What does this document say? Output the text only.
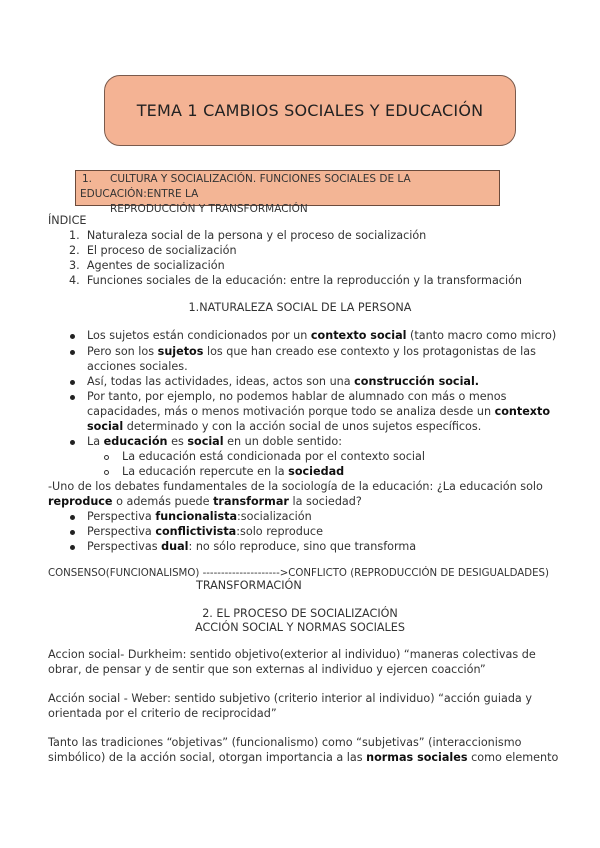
TEMA 1 CAMBIOS SOCIALES Y EDUCACIÓN
1. CULTURA Y SOCIALIZACIÓN. FUNCIONES SOCIALES DE LA EDUCACIÓN:ENTRE LA
REPRODUCCIÓN Y TRANSFORMACIÓN
ÍNDICE
1. Naturaleza social de la persona y el proceso de socialización
2. El proceso de socialización
3. Agentes de socialización
4. Funciones sociales de la educación: entre la reproducción y la transformación
1.NATURALEZA SOCIAL DE LA PERSONA
Los sujetos están condicionados por un contexto social (tanto macro como micro)
Pero son los sujetos los que han creado ese contexto y los protagonistas de las
acciones sociales.
Así, todas las actividades, ideas, actos son una construcción social.
Por tanto, por ejemplo, no podemos hablar de alumnado con más o menos
capacidades, más o menos motivación porque todo se analiza desde un contexto
social determinado y con la acción social de unos sujetos específicos.
La educación es social en un doble sentido:
La educación está condicionada por el contexto social
La educación repercute en la sociedad
-Uno de los debates fundamentales de la sociología de la educación: ¿La educación solo
reproduce o además puede transformar la sociedad?
Perspectiva funcionalista:socialización
Perspectiva conflictivista:solo reproduce
Perspectivas dual: no sólo reproduce, sino que transforma
CONSENSO(FUNCIONALISMO) --------------------->CONFLICTO (REPRODUCCIÓN DE DESIGUALDADES)
TRANSFORMACIÓN
2. EL PROCESO DE SOCIALIZACIÓN
ACCIÓN SOCIAL Y NORMAS SOCIALES
Accion social- Durkheim: sentido objetivo(exterior al individuo) “maneras colectivas de
obrar, de pensar y de sentir que son externas al individuo y ejercen coacción”
Acción social - Weber: sentido subjetivo (criterio interior al individuo) “acción guiada y
orientada por el criterio de reciprocidad”
Tanto las tradiciones “objetivas” (funcionalismo) como “subjetivas” (interaccionismo
simbólico) de la acción social, otorgan importancia a las normas sociales como elemento
